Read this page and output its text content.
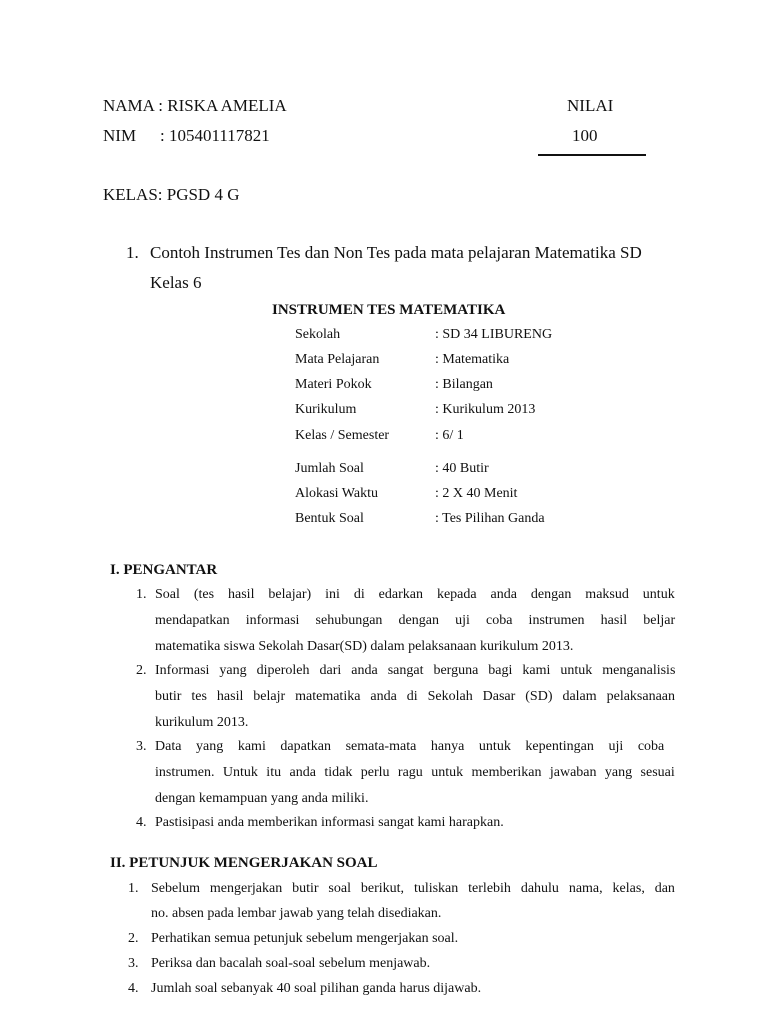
NAMA : RISKA AMELIA
NIM : 105401117821
NILAI
100
KELAS: PGSD 4 G
1. Contoh Instrumen Tes dan Non Tes pada mata pelajaran Matematika SD
Kelas 6
INSTRUMEN TES MATEMATIKA
Sekolah	: SD 34 LIBURENG
Mata Pelajaran	: Matematika
Materi Pokok	: Bilangan
Kurikulum	: Kurikulum 2013
Kelas / Semester	: 6/ 1
Jumlah Soal	: 40 Butir
Alokasi Waktu	: 2 X 40 Menit
Bentuk Soal	: Tes Pilihan Ganda
I. PENGANTAR
1. Soal (tes hasil belajar) ini di edarkan kepada anda dengan maksud untuk
mendapatkan informasi sehubungan dengan uji coba instrumen hasil beljar
matematika siswa Sekolah Dasar(SD) dalam pelaksanaan kurikulum 2013.
2. Informasi yang diperoleh dari anda sangat berguna bagi kami untuk menganalisis
butir tes hasil belajr matematika anda di Sekolah Dasar (SD) dalam pelaksanaan
kurikulum 2013.
3. Data yang kami dapatkan semata-mata hanya untuk kepentingan uji coba
instrumen. Untuk itu anda tidak perlu ragu untuk memberikan jawaban yang sesuai
dengan kemampuan yang anda miliki.
4. Pastisipasi anda memberikan informasi sangat kami harapkan.
II. PETUNJUK MENGERJAKAN SOAL
1. Sebelum mengerjakan butir soal berikut, tuliskan terlebih dahulu nama, kelas, dan
no. absen pada lembar jawab yang telah disediakan.
2. Perhatikan semua petunjuk sebelum mengerjakan soal.
3. Periksa dan bacalah soal-soal sebelum menjawab.
4. Jumlah soal sebanyak 40 soal pilihan ganda harus dijawab.
